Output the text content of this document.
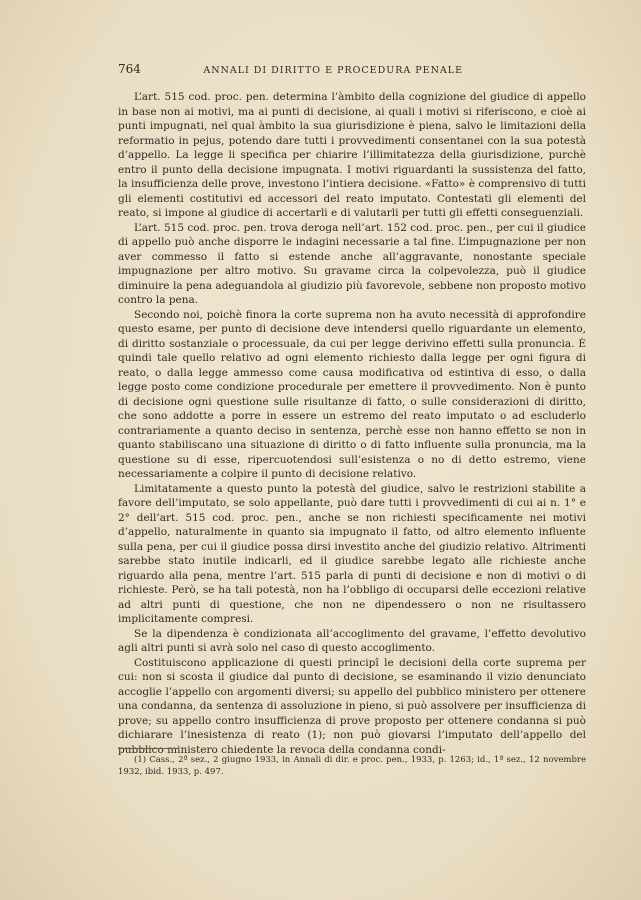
764	ANNALI DI DIRITTO E PROCEDURA PENALE

L’art. 515 cod. proc. pen. determina l’àmbito della cognizione del giudice di appello in base non ai motivi, ma ai punti di decisione, ai quali i motivi si riferiscono, e cioè ai punti impugnati, nel qual àmbito la sua giurisdizione è piena, salvo le limitazioni della reformatio in pejus, potendo dare tutti i provvedimenti consentanei con la sua potestà d’appello. La legge li specifica per chiarire l’illimitatezza della giurisdizione, purchè entro il punto della decisione impugnata. I motivi riguardanti la sussistenza del fatto, la insufficienza delle prove, investono l’intiera decisione. «Fatto» è comprensivo di tutti gli elementi costitutivi ed accessori del reato imputato. Contestati gli elementi del reato, si impone al giudice di accertarli e di valutarli per tutti gli effetti conseguenziali.

L’art. 515 cod. proc. pen. trova deroga nell’art. 152 cod. proc. pen., per cui il giudice di appello può anche disporre le indagini necessarie a tal fine. L’impugnazione per non aver commesso il fatto si estende anche all’aggravante, nonostante speciale impugnazione per altro motivo. Su gravame circa la colpevolezza, può il giudice diminuire la pena adeguandola al giudizio più favorevole, sebbene non proposto motivo contro la pena.

Secondo noi, poichè finora la corte suprema non ha avuto necessità di approfondire questo esame, per punto di decisione deve intendersi quello riguardante un elemento, di diritto sostanziale o processuale, da cui per legge derivino effetti sulla pronuncia. È quindi tale quello relativo ad ogni elemento richiesto dalla legge per ogni figura di reato, o dalla legge ammesso come causa modificativa od estintiva di esso, o dalla legge posto come condizione procedurale per emettere il provvedimento. Non è punto di decisione ogni questione sulle risultanze di fatto, o sulle considerazioni di diritto, che sono addotte a porre in essere un estremo del reato imputato o ad escluderlo contrariamente a quanto deciso in sentenza, perchè esse non hanno effetto se non in quanto stabiliscano una situazione di diritto o di fatto influente sulla pronuncia, ma la questione su di esse, ripercuotendosi sull’esistenza o no di detto estremo, viene necessariamente a colpire il punto di decisione relativo.

Limitatamente a questo punto la potestà del giudice, salvo le restrizioni stabilite a favore dell’imputato, se solo appellante, può dare tutti i provvedimenti di cui ai n. 1° e 2° dell’art. 515 cod. proc. pen., anche se non richiesti specificamente nei motivi d’appello, naturalmente in quanto sia impugnato il fatto, od altro elemento influente sulla pena, per cui il giudice possa dirsi investito anche del giudizio relativo. Altrimenti sarebbe stato inutile indicarli, ed il giudice sarebbe legato alle richieste anche riguardo alla pena, mentre l’art. 515 parla di punti di decisione e non di motivi o di richieste. Però, se ha tali potestà, non ha l’obbligo di occuparsi delle eccezioni relative ad altri punti di questione, che non ne dipendessero o non ne risultassero implicitamente compresi.

Se la dipendenza è condizionata all’accoglimento del gravame, l’effetto devolutivo agli altri punti si avrà solo nel caso di questo accoglimento.

Costituiscono applicazione di questi principî le decisioni della corte suprema per cui: non si scosta il giudice dal punto di decisione, se esaminando il vizio denunciato accoglie l’appello con argomenti diversi; su appello del pubblico ministero per ottenere una condanna, da sentenza di assoluzione in pieno, si può assolvere per insufficienza di prove; su appello contro insufficienza di prove proposto per ottenere condanna si può dichiarare l’inesistenza di reato (1); non può giovarsi l’imputato dell’appello del pubblico ministero chiedente la revoca della condanna condi-

(1) Cass., 2ª sez., 2 giugno 1933, in Annali di dir. e proc. pen., 1933, p. 1263; id., 1ª sez., 12 novembre 1932, ibid. 1933, p. 497.
